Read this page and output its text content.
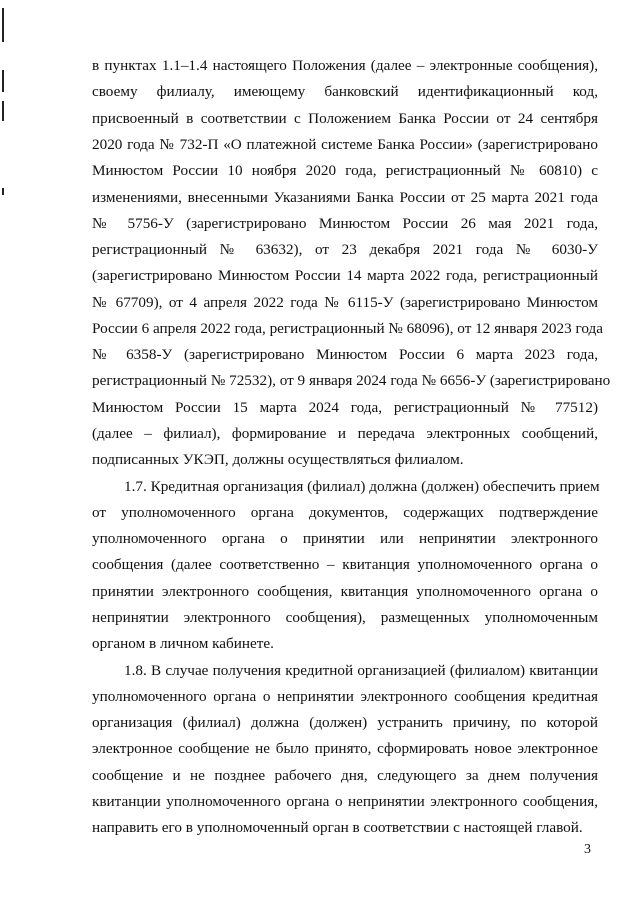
в пунктах 1.1–1.4 настоящего Положения (далее – электронные сообщения),
своему филиалу, имеющему банковский идентификационный код,
присвоенный в соответствии с Положением Банка России от 24 сентября
2020 года № 732-П «О платежной системе Банка России» (зарегистрировано
Минюстом России 10 ноября 2020 года, регистрационный № 60810) с
изменениями, внесенными Указаниями Банка России от 25 марта 2021 года
№ 5756-У (зарегистрировано Минюстом России 26 мая 2021 года,
регистрационный № 63632), от 23 декабря 2021 года № 6030-У
(зарегистрировано Минюстом России 14 марта 2022 года, регистрационный
№ 67709), от 4 апреля 2022 года № 6115-У (зарегистрировано Минюстом
России 6 апреля 2022 года, регистрационный № 68096), от 12 января 2023 года
№ 6358-У (зарегистрировано Минюстом России 6 марта 2023 года,
регистрационный № 72532), от 9 января 2024 года № 6656-У (зарегистрировано
Минюстом России 15 марта 2024 года, регистрационный № 77512)
(далее – филиал), формирование и передача электронных сообщений,
подписанных УКЭП, должны осуществляться филиалом.
1.7. Кредитная организация (филиал) должна (должен) обеспечить прием
от уполномоченного органа документов, содержащих подтверждение
уполномоченного органа о принятии или непринятии электронного
сообщения (далее соответственно – квитанция уполномоченного органа о
принятии электронного сообщения, квитанция уполномоченного органа о
непринятии электронного сообщения), размещенных уполномоченным
органом в личном кабинете.
1.8. В случае получения кредитной организацией (филиалом) квитанции
уполномоченного органа о непринятии электронного сообщения кредитная
организация (филиал) должна (должен) устранить причину, по которой
электронное сообщение не было принято, сформировать новое электронное
сообщение и не позднее рабочего дня, следующего за днем получения
квитанции уполномоченного органа о непринятии электронного сообщения,
направить его в уполномоченный орган в соответствии с настоящей главой.
3
